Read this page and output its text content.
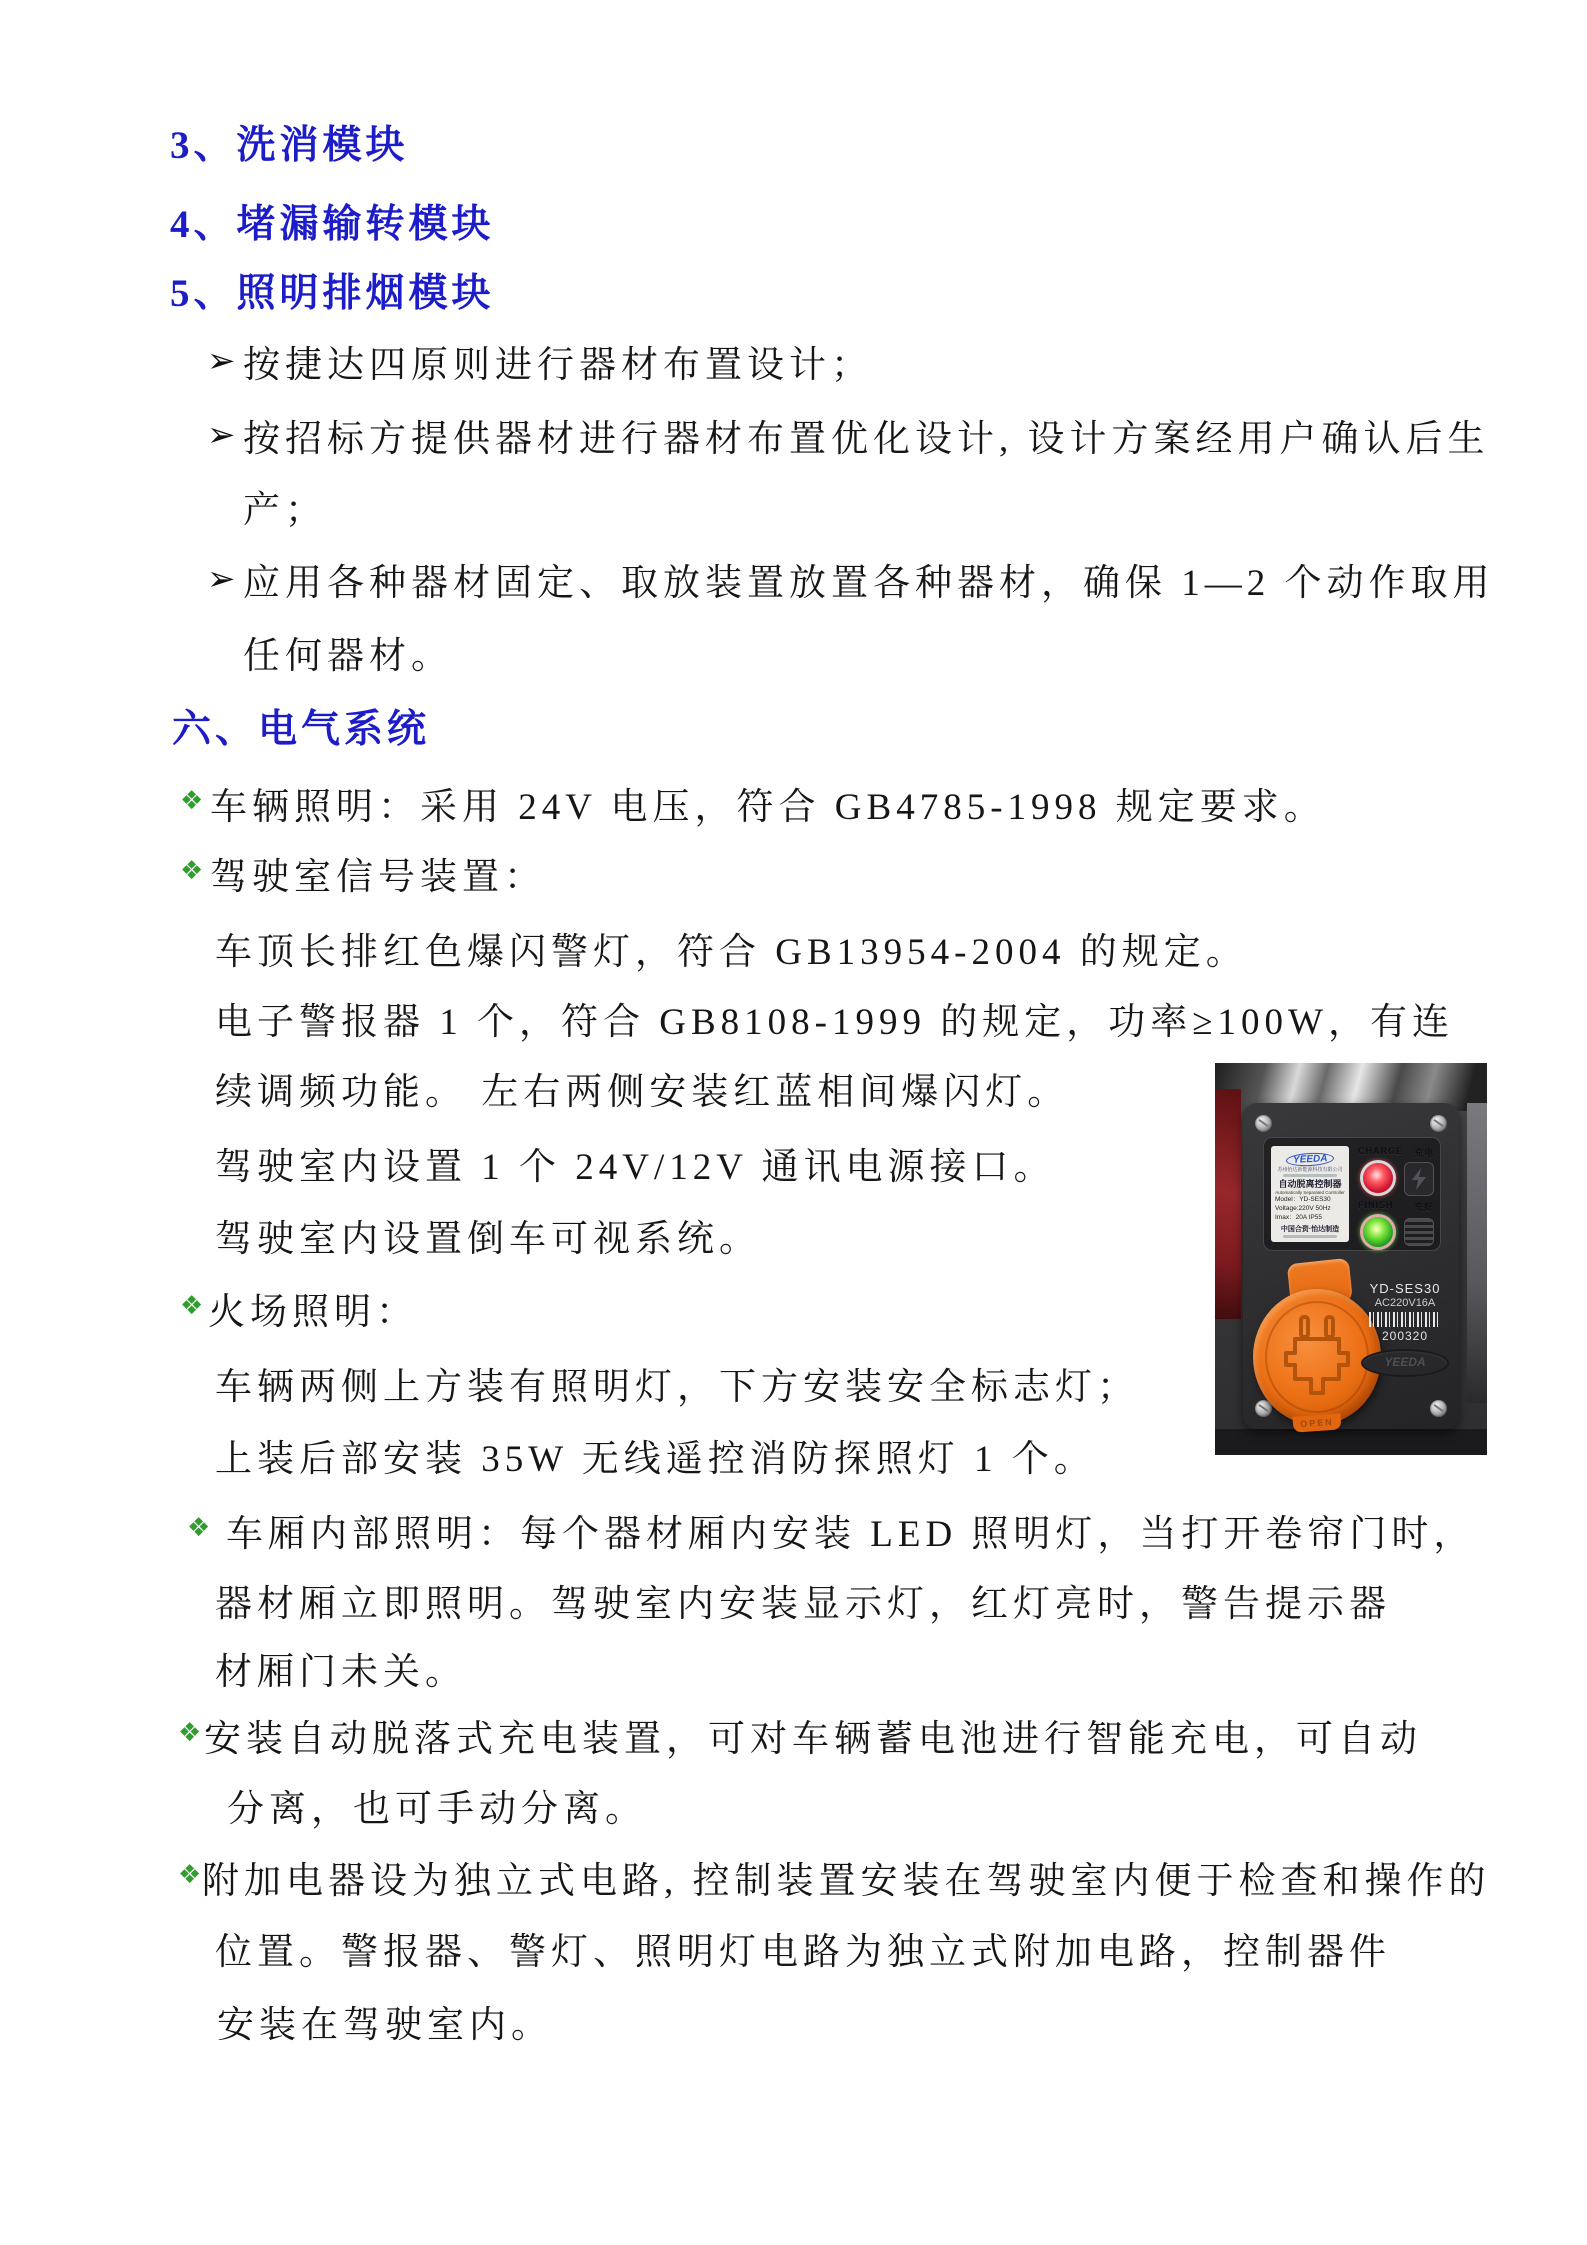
3、洗消模块
4、堵漏输转模块
5、照明排烟模块
➢ 按捷达四原则进行器材布置设计；
➢ 按招标方提供器材进行器材布置优化设计, 设计方案经用户确认后生
产；
➢ 应用各种器材固定、取放装置放置各种器材，确保 1—2 个动作取用
任何器材。
六、电气系统
❖ 车辆照明：采用 24V 电压，符合 GB4785-1998 规定要求。
❖ 驾驶室信号装置：
车顶长排红色爆闪警灯，符合 GB13954-2004 的规定。
电子警报器 1 个，符合 GB8108-1999 的规定，功率≥100W，有连
续调频功能。 左右两侧安装红蓝相间爆闪灯。
驾驶室内设置 1 个 24V/12V 通讯电源接口。
驾驶室内设置倒车可视系统。
❖ 火场照明：
车辆两侧上方装有照明灯，下方安装安全标志灯；
上装后部安装 35W 无线遥控消防探照灯 1 个。
❖ 车厢内部照明：每个器材厢内安装 LED 照明灯，当打开卷帘门时，
器材厢立即照明。驾驶室内安装显示灯，红灯亮时，警告提示器
材厢门未关。
❖ 安装自动脱落式充电装置，可对车辆蓄电池进行智能充电，可自动
分离，也可手动分离。
❖ 附加电器设为独立式电路, 控制装置安装在驾驶室内便于检查和操作的
位置。警报器、警灯、照明灯电路为独立式附加电路，控制器件
安装在驾驶室内。
YEEDA
苏州怡达新能源科技有限公司
自动脱离控制器
Automatically Separated Controller
Model：YD-SES30
Voltage:220V 50Hz
Imax：20A IP55
中国合资·怡达制造
CHARGE 充电
FINISH 充好
OPEN
YD-SES30
AC220V16A
200320
YEEDA
